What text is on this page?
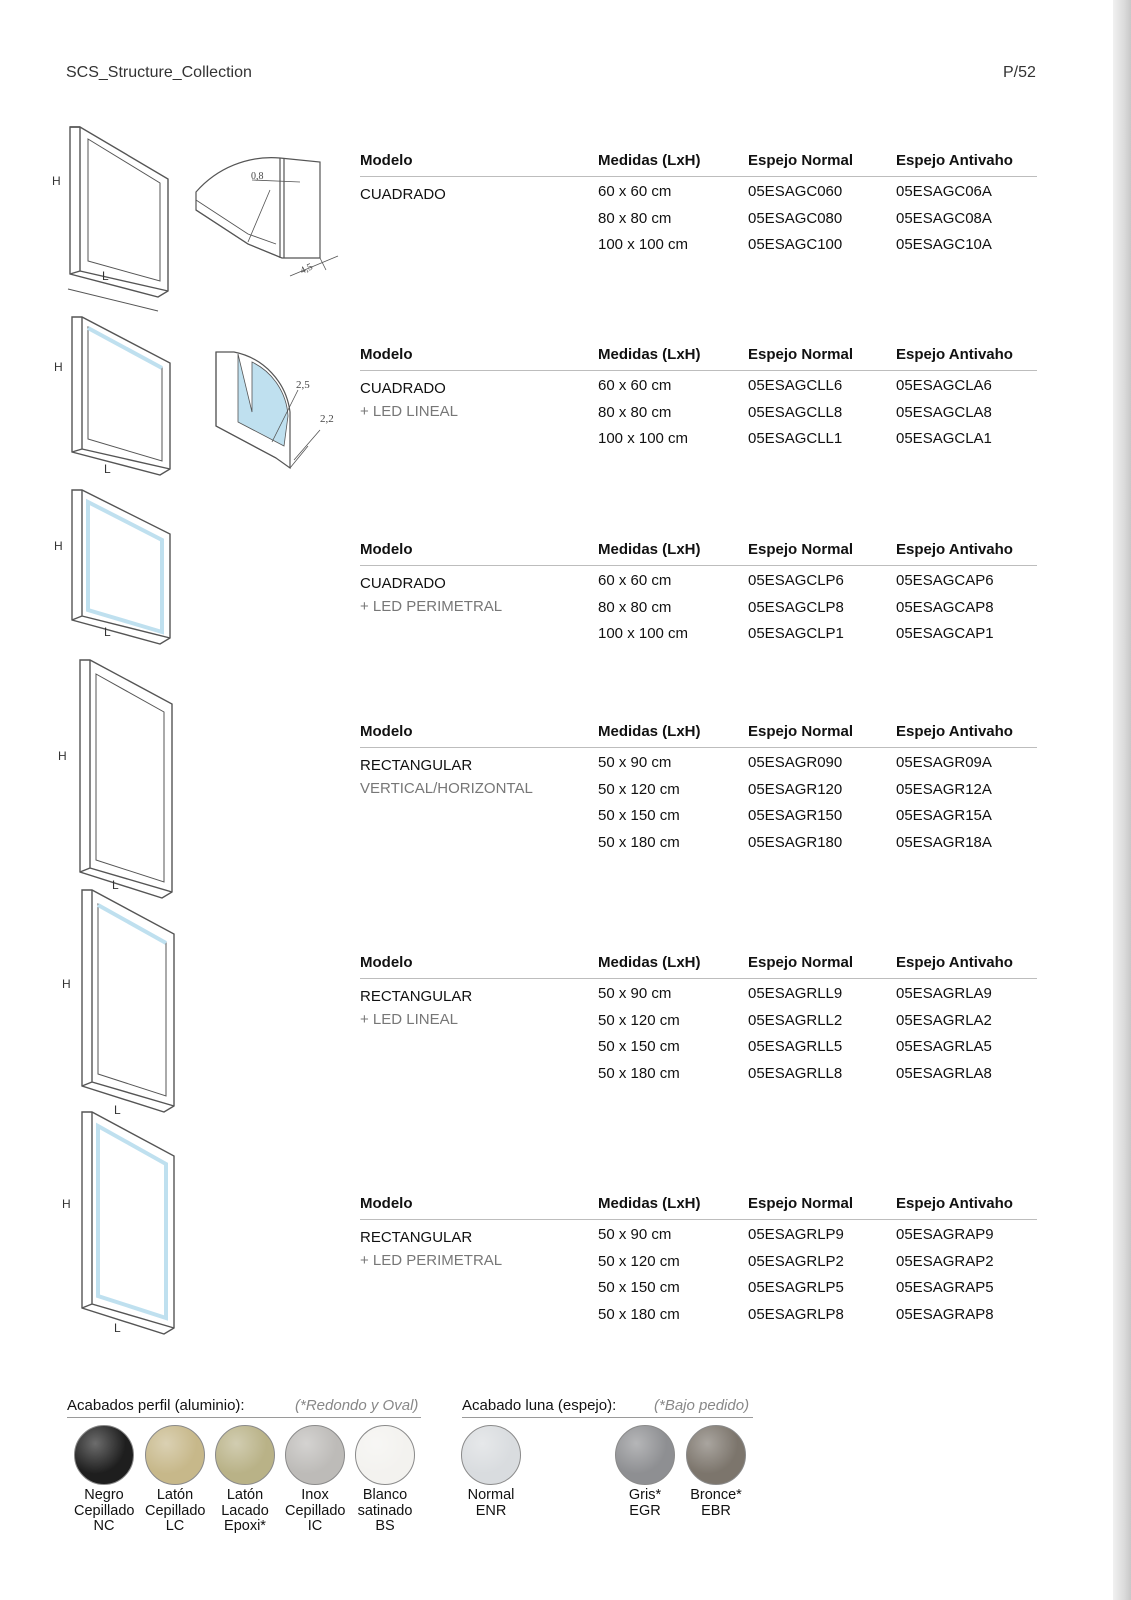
SCS_Structure_Collection	P/52
H
L
0,8
4,5
H
L
2,5
2,2
H
L
H
L
H
L
H
L
Modelo	Medidas (LxH)	Espejo Normal	Espejo Antivaho
CUADRADO	60 x 60 cm	05ESAGC060	05ESAGC06A
80 x 80 cm	05ESAGC080	05ESAGC08A
100 x 100 cm	05ESAGC100	05ESAGC10A
Modelo	Medidas (LxH)	Espejo Normal	Espejo Antivaho
CUADRADO
+ LED LINEAL
60 x 60 cm	05ESAGCLL6	05ESAGCLA6
80 x 80 cm	05ESAGCLL8	05ESAGCLA8
100 x 100 cm	05ESAGCLL1	05ESAGCLA1
Modelo	Medidas (LxH)	Espejo Normal	Espejo Antivaho
CUADRADO
+ LED PERIMETRAL
60 x 60 cm	05ESAGCLP6	05ESAGCAP6
80 x 80 cm	05ESAGCLP8	05ESAGCAP8
100 x 100 cm	05ESAGCLP1	05ESAGCAP1
Modelo	Medidas (LxH)	Espejo Normal	Espejo Antivaho
RECTANGULAR
VERTICAL/HORIZONTAL
50 x 90 cm	05ESAGR090	05ESAGR09A
50 x 120 cm	05ESAGR120	05ESAGR12A
50 x 150 cm	05ESAGR150	05ESAGR15A
50 x 180 cm	05ESAGR180	05ESAGR18A
Modelo	Medidas (LxH)	Espejo Normal	Espejo Antivaho
RECTANGULAR
+ LED LINEAL
50 x 90 cm	05ESAGRLL9	05ESAGRLA9
50 x 120 cm	05ESAGRLL2	05ESAGRLA2
50 x 150 cm	05ESAGRLL5	05ESAGRLA5
50 x 180 cm	05ESAGRLL8	05ESAGRLA8
Modelo	Medidas (LxH)	Espejo Normal	Espejo Antivaho
RECTANGULAR
+ LED PERIMETRAL
50 x 90 cm	05ESAGRLP9	05ESAGRAP9
50 x 120 cm	05ESAGRLP2	05ESAGRAP2
50 x 150 cm	05ESAGRLP5	05ESAGRAP5
50 x 180 cm	05ESAGRLP8	05ESAGRAP8
Acabados perfil (aluminio):	(*Redondo y Oval)	Acabado luna (espejo):	(*Bajo pedido)
Negro
Cepillado
NC
Latón
Cepillado
LC
Latón
Lacado
Epoxi*
Inox
Cepillado
IC
Blanco
satinado
BS
Normal
ENR
Gris*
EGR
Bronce*
EBR
